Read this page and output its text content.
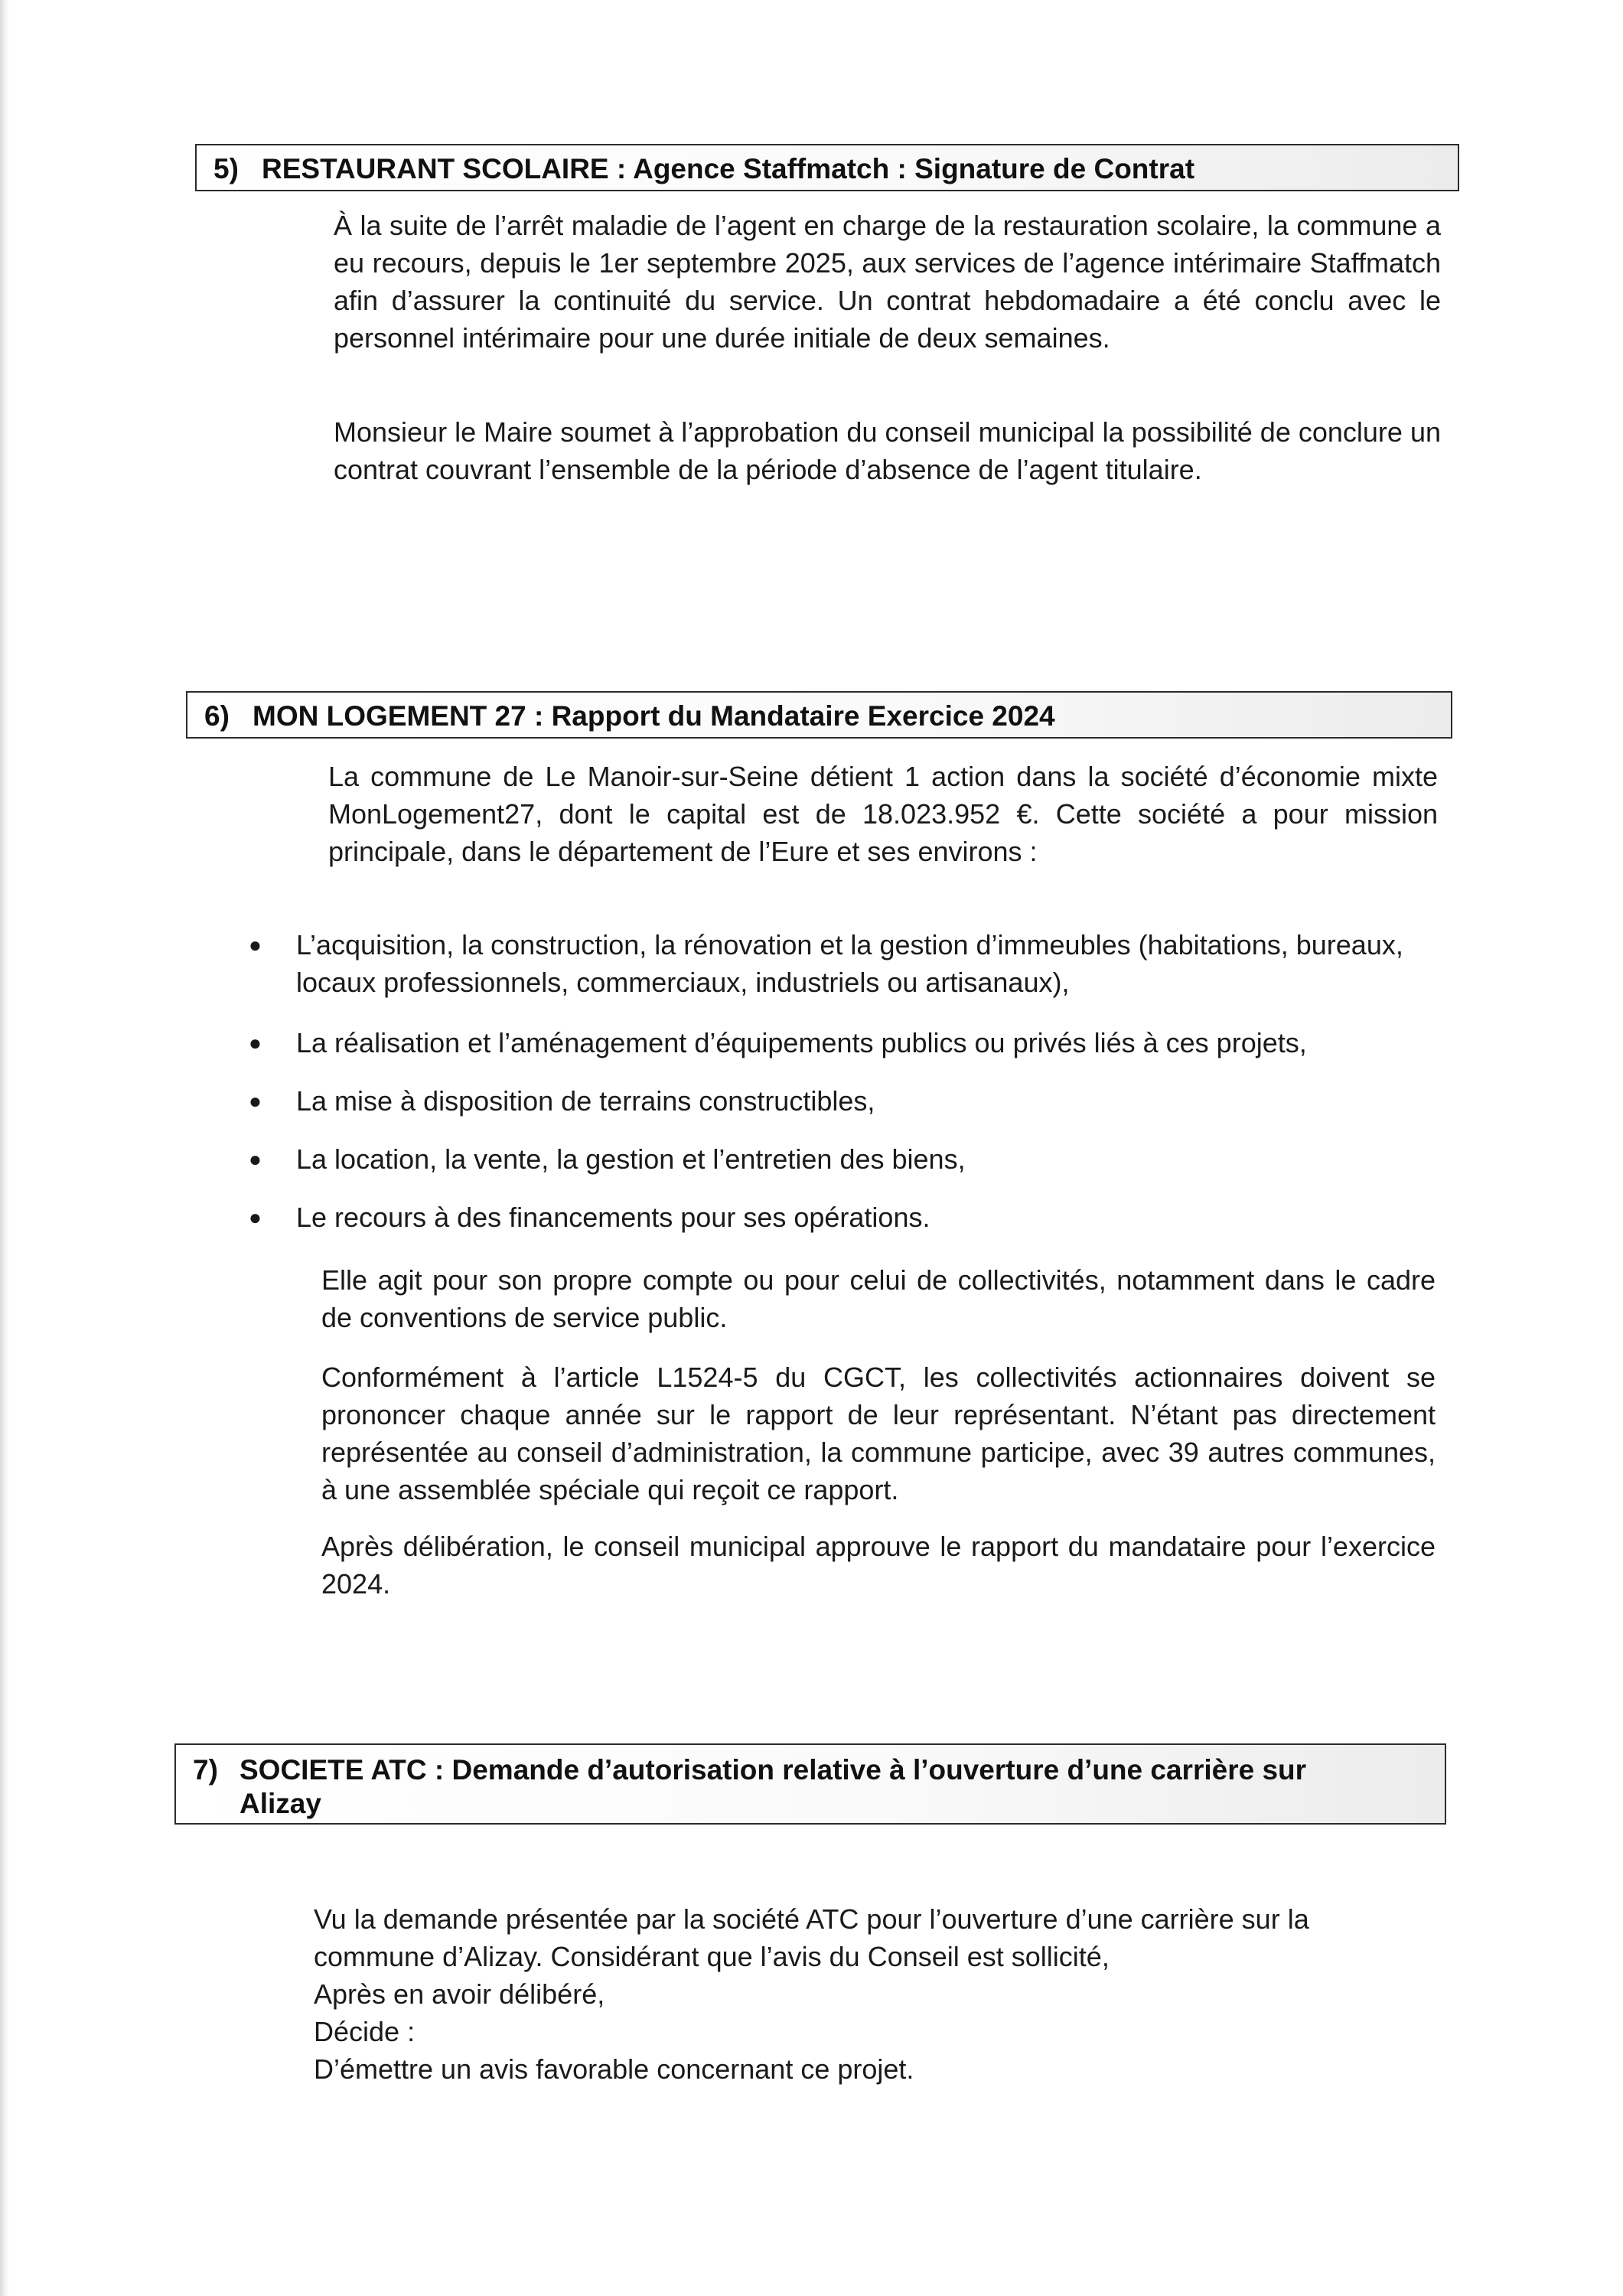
5) RESTAURANT SCOLAIRE : Agence Staffmatch : Signature de Contrat

À la suite de l’arrêt maladie de l’agent en charge de la restauration scolaire, la commune a eu recours, depuis le 1er septembre 2025, aux services de l’agence intérimaire Staffmatch afin d’assurer la continuité du service. Un contrat hebdomadaire a été conclu avec le personnel intérimaire pour une durée initiale de deux semaines.

Monsieur le Maire soumet à l’approbation du conseil municipal la possibilité de conclure un contrat couvrant l’ensemble de la période d’absence de l’agent titulaire.

6) MON LOGEMENT 27 : Rapport du Mandataire Exercice 2024

La commune de Le Manoir-sur-Seine détient 1 action dans la société d’économie mixte MonLogement27, dont le capital est de 18.023.952 €. Cette société a pour mission principale, dans le département de l’Eure et ses environs :

● L’acquisition, la construction, la rénovation et la gestion d’immeubles (habitations, bureaux, locaux professionnels, commerciaux, industriels ou artisanaux),

● La réalisation et l’aménagement d’équipements publics ou privés liés à ces projets,

● La mise à disposition de terrains constructibles,

● La location, la vente, la gestion et l’entretien des biens,

● Le recours à des financements pour ses opérations.

Elle agit pour son propre compte ou pour celui de collectivités, notamment dans le cadre de conventions de service public.

Conformément à l’article L1524-5 du CGCT, les collectivités actionnaires doivent se prononcer chaque année sur le rapport de leur représentant. N’étant pas directement représentée au conseil d’administration, la commune participe, avec 39 autres communes, à une assemblée spéciale qui reçoit ce rapport.

Après délibération, le conseil municipal approuve le rapport du mandataire pour l’exercice 2024.

7) SOCIETE ATC : Demande d’autorisation relative à l’ouverture d’une carrière sur
Alizay

Vu la demande présentée par la société ATC pour l’ouverture d’une carrière sur la

commune d’Alizay. Considérant que l’avis du Conseil est sollicité,

Après en avoir délibéré,

Décide :

D’émettre un avis favorable concernant ce projet.
